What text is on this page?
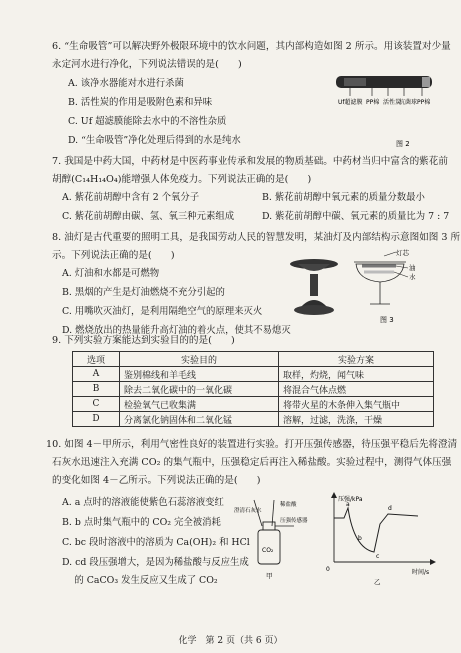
6. “生命吸管”可以解决野外极限环境中的饮水问题，其内部构造如图 2 所示。用该装置对少量
永定河水进行净化，下列说法错误的是(　　)
A. 该净水器能对水进行杀菌
B. 活性炭的作用是吸附色素和异味
C. Uf 超滤膜能除去水中的不溶性杂质
D. “生命吸管”净化处理后得到的水是纯水
Uf超滤膜 PP棉 活性炭
抗菌球 PP棉
图 2
7. 我国是中药大国，中药材是中医药事业传承和发展的物质基础。中药材当归中富含的紫花前
胡醇(C₁₄H₁₄O₄)能增强人体免疫力。下列说法正确的是(　　)
A. 紫花前胡醇中含有 2 个氧分子	B. 紫花前胡醇中氧元素的质量分数最小
C. 紫花前胡醇由碳、氢、氧三种元素组成	D. 紫花前胡醇中碳、氧元素的质量比为 7 : 7
8. 油灯是古代重要的照明工具，是我国劳动人民的智慧发明，某油灯及内部结构示意图如图 3 所
示。下列说法正确的是(　　)
A. 灯油和水都是可燃物
B. 黑烟的产生是灯油燃烧不充分引起的
C. 用嘴吹灭油灯，是利用隔绝空气的原理来灭火
D. 燃烧放出的热量能升高灯油的着火点，使其不易熄灭
灯芯
油
水
图 3
9. 下列实验方案能达到实验目的的是(　　)
选项	实验目的	实验方案
A	鉴别棉线和羊毛线	取样，灼烧，闻气味
B	除去二氧化碳中的一氧化碳	将混合气体点燃
C	检验氧气已收集满	将带火星的木条伸入集气瓶中
D	分离氯化钠固体和二氧化锰	溶解，过滤，洗涤，干燥
10. 如图 4－甲所示，利用气密性良好的装置进行实验。打开压强传感器，待压强平稳后先将澄清
石灰水迅速注入充满 CO₂ 的集气瓶中，压强稳定后再注入稀盐酸。实验过程中，测得气体压强
的变化如图 4－乙所示。下列说法正确的是(　　)
A. a 点时的溶液能使紫色石蕊溶液变红
B. b 点时集气瓶中的 CO₂ 完全被消耗
C. bc 段时溶液中的溶质为 Ca(OH)₂ 和 HCl
D. cd 段压强增大，是因为稀盐酸与反应生成
　 的 CaCO₃ 发生反应又生成了 CO₂
澄清石灰水
稀盐酸
压强传感器
CO₂
甲
压强/kPa
时间/s
0
a
b
c
d
乙
化学　第 2 页（共 6 页）
